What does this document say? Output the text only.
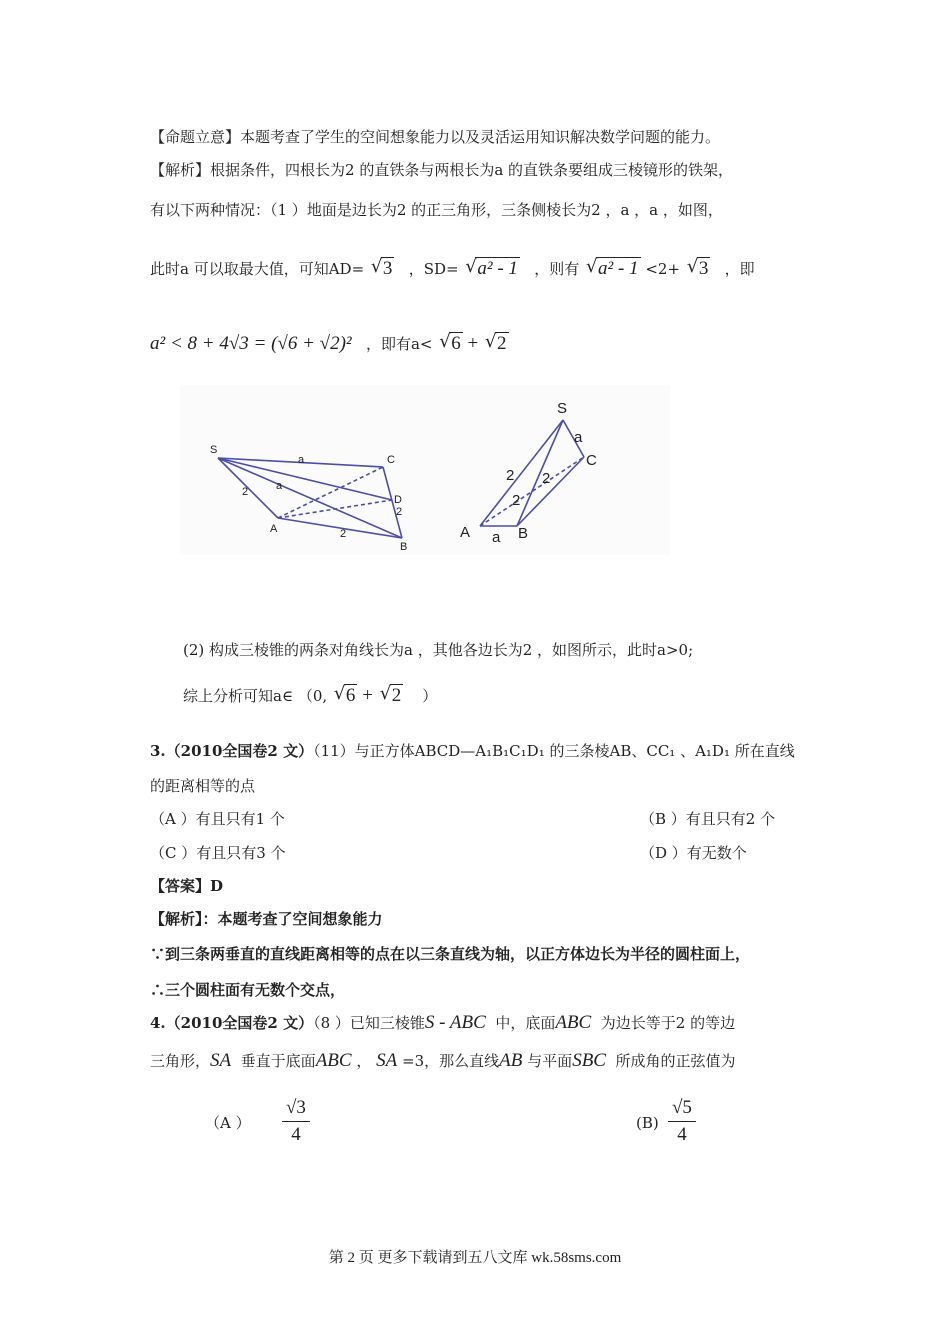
【命题立意】本题考查了学生的空间想象能力以及灵活运用知识解决数学问题的能力。
【解析】根据条件，四根长为2 的直铁条与两根长为a 的直铁条要组成三棱镜形的铁架，
有以下两种情况：（1 ）地面是边长为2 的正三角形，三条侧棱长为2 ，a ，a ，如图，
此时a 可以取最大值，可知AD= √ 3 ，SD= √ a² - 1 ，则有 √ a² - 1 <2+ √ 3 ，即
a² < 8 + 4√3 = (√6 + √2)² ，即有a< √ 6 + √ 2
S
C
D
A
B
a
a
2
2
2
S
C
A	B
a
a
2 2
2
(2) 构成三棱锥的两条对角线长为a ，其他各边长为2 ，如图所示，此时a>0;
综上分析可知a∈ （0, √ 6 + √ 2 ）
3.（2010全国卷2 文）（11）与正方体ABCD—A₁B₁C₁D₁ 的三条棱AB、CC₁ 、A₁D₁ 所在直线
的距离相等的点
（A ）有且只有1 个	（B ）有且只有2 个
（C ）有且只有3 个	（D ）有无数个
【答案】D
【解析】：本题考查了空间想象能力
∵到三条两垂直的直线距离相等的点在以三条直线为轴，以正方体边长为半径的圆柱面上，
∴三个圆柱面有无数个交点，
4.（2010全国卷2 文）（8 ）已知三棱锥S - ABC 中，底面ABC 为边长等于2 的等边
三角形，SA 垂直于底面ABC ， SA =3，那么直线AB 与平面SBC 所成角的正弦值为
（A ） $\frac{√3}{4}$	$(B) \frac{√5}{4}$
第 2 页 更多下载请到五八文库 wk.58sms.com
